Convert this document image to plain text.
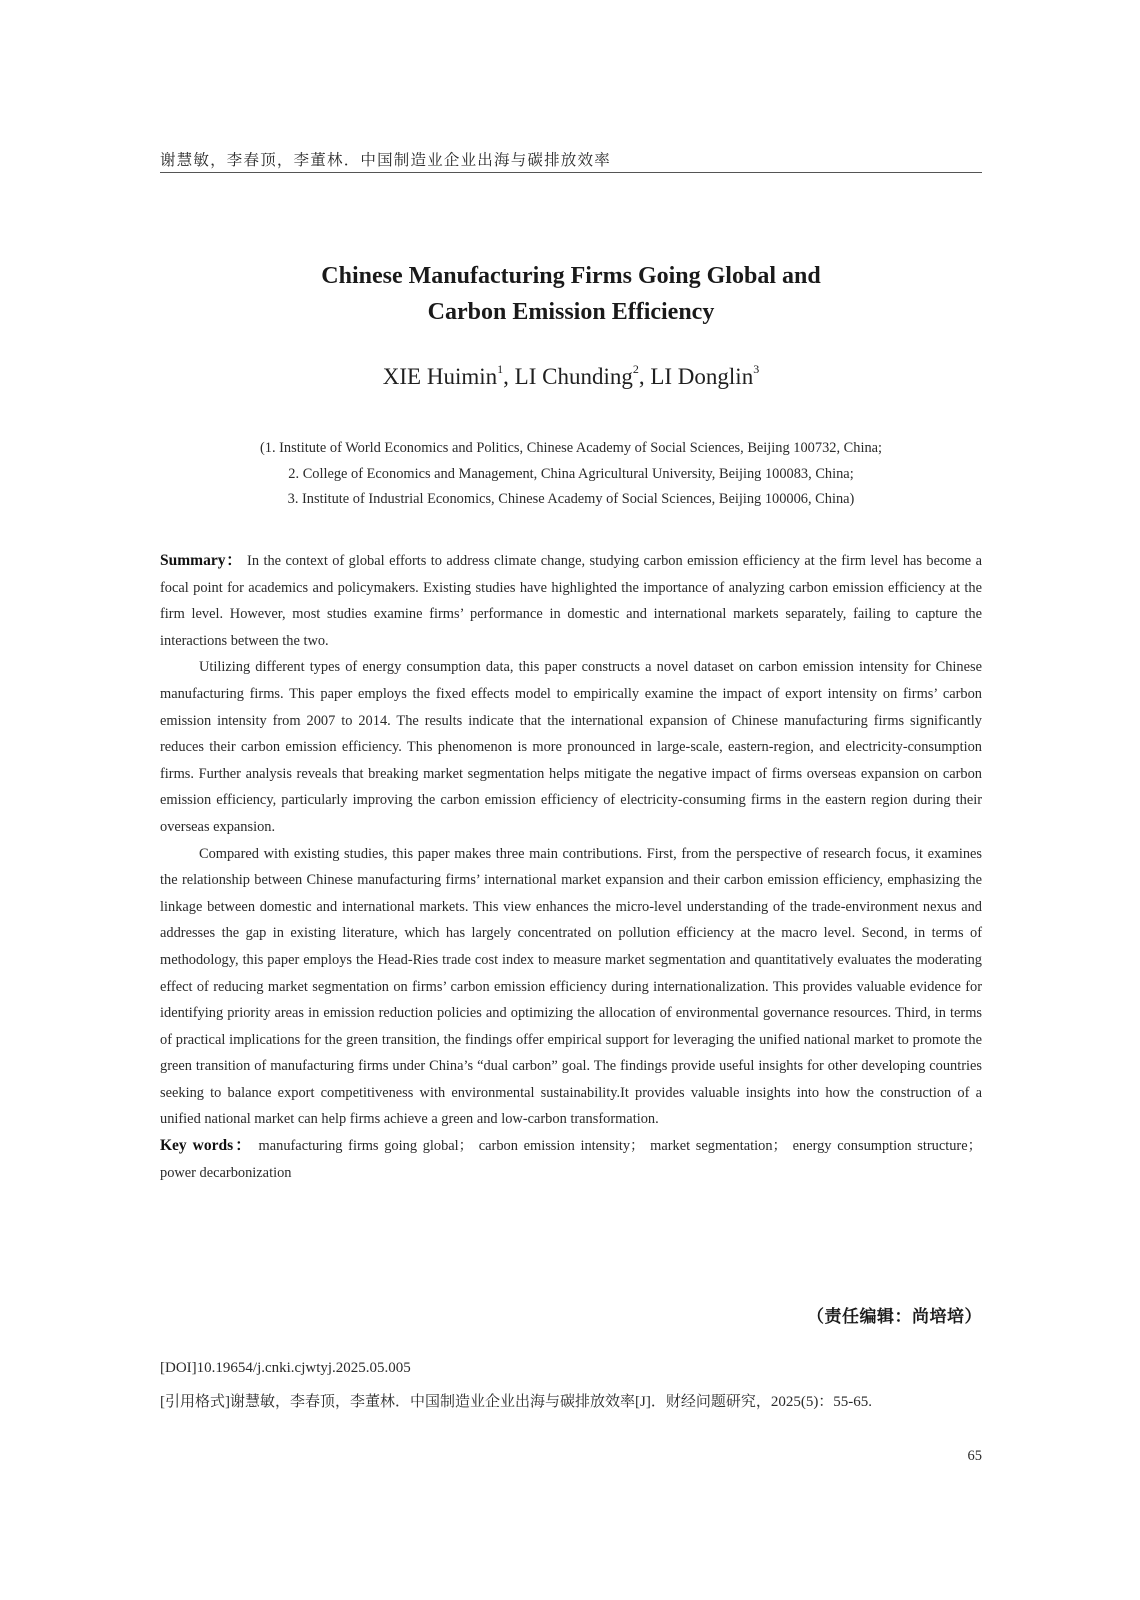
谢慧敏，李春顶，李董林．中国制造业企业出海与碳排放效率
Chinese Manufacturing Firms Going Global and
Carbon Emission Efficiency
XIE Huimin$^1$, LI Chunding$^2$, LI Donglin$^3$
(1. Institute of World Economics and Politics, Chinese Academy of Social Sciences, Beijing 100732, China;
2. College of Economics and Management, China Agricultural University, Beijing 100083, China;
3. Institute of Industrial Economics, Chinese Academy of Social Sciences, Beijing 100006, China)

Summary： In the context of global efforts to address climate change, studying carbon emission efficiency at the firm level has become a focal point for academics and policymakers. Existing studies have highlighted the importance of analyzing carbon emission efficiency at the firm level. However, most studies examine firms’ performance in domestic and international markets separately, failing to capture the interactions between the two.

Utilizing different types of energy consumption data, this paper constructs a novel dataset on carbon emission intensity for Chinese manufacturing firms. This paper employs the fixed effects model to empirically examine the impact of export intensity on firms’ carbon emission intensity from 2007 to 2014. The results indicate that the international expansion of Chinese manufacturing firms significantly reduces their carbon emission efficiency. This phenomenon is more pronounced in large-scale, eastern-region, and electricity-consumption firms. Further analysis reveals that breaking market segmentation helps mitigate the negative impact of firms overseas expansion on carbon emission efficiency, particularly improving the carbon emission efficiency of electricity-consuming firms in the eastern region during their overseas expansion.

Compared with existing studies, this paper makes three main contributions. First, from the perspective of research focus, it examines the relationship between Chinese manufacturing firms’ international market expansion and their carbon emission efficiency, emphasizing the linkage between domestic and international markets. This view enhances the micro-level understanding of the trade-environment nexus and addresses the gap in existing literature, which has largely concentrated on pollution efficiency at the macro level. Second, in terms of methodology, this paper employs the Head-Ries trade cost index to measure market segmentation and quantitatively evaluates the moderating effect of reducing market segmentation on firms’ carbon emission efficiency during internationalization. This provides valuable evidence for identifying priority areas in emission reduction policies and optimizing the allocation of environmental governance resources. Third, in terms of practical implications for the green transition, the findings offer empirical support for leveraging the unified national market to promote the green transition of manufacturing firms under China’s “dual carbon” goal. The findings provide useful insights for other developing countries seeking to balance export competitiveness with environmental sustainability.It provides valuable insights into how the construction of a unified national market can help firms achieve a green and low-carbon transformation.

Key words： manufacturing firms going global； carbon emission intensity； market segmentation； energy consumption structure； power decarbonization

（责任编辑：尚培培）
[DOI]10.19654/j.cnki.cjwtyj.2025.05.005
[引用格式]谢慧敏，李春顶，李董林．中国制造业企业出海与碳排放效率[J]．财经问题研究，2025(5)：55-65.
65
